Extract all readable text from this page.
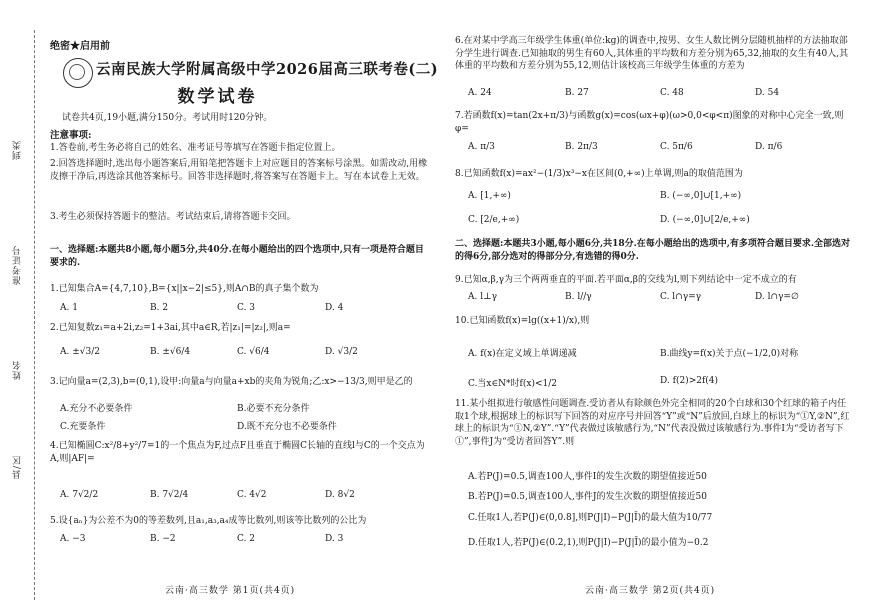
到类
准考证号
姓名
县/区
绝密★启用前
云南民族大学附属高级中学2026届高三联考卷(二)
数学试卷
试卷共4页,19小题,满分150分。考试用时120分钟。
注意事项:
1.答卷前,考生务必将自己的姓名、准考证号等填写在答题卡指定位置上。
2.回答选择题时,选出每小题答案后,用铅笔把答题卡上对应题目的答案标号涂黑。如需改动,用橡皮擦干净后,再选涂其他答案标号。回答非选择题时,将答案写在答题卡上。写在本试卷上无效。
3.考生必须保持答题卡的整洁。考试结束后,请将答题卡交回。
一、选择题:本题共8小题,每小题5分,共40分.在每小题给出的四个选项中,只有一项是符合题目要求的.
1.已知集合A={4,7,10},B={x||x−2|≤5},则A∩B的真子集个数为
A. 1	B. 2	C. 3	D. 4
2.已知复数z₁=a+2i,z₂=1+3ai,其中a∈R,若|z₁|=|z₂|,则a=
A. ±√3/2	B. ±√6/4	C. √6/4	D. √3/2
3.记向量a=(2,3),b=(0,1),设甲:向量a与向量a+xb的夹角为锐角;乙:x>−13/3,则甲是乙的
A.充分不必要条件	B.必要不充分条件
C.充要条件	D.既不充分也不必要条件
4.已知椭圆C:x²/8+y²/7=1的一个焦点为F,过点F且垂直于椭圆C长轴的直线l与C的一个交点为A,则|AF|=
A. 7√2/2	B. 7√2/4	C. 4√2	D. 8√2
5.设{aₙ}为公差不为0的等差数列,且a₁,a₃,a₄成等比数列,则该等比数列的公比为
A. −3	B. −2	C. 2	D. 3
云南·高三数学 第1页(共4页)
6.在对某中学高三年级学生体重(单位:kg)的调查中,按男、女生人数比例分层随机抽样的方法抽取部分学生进行调查.已知抽取的男生有60人,其体重的平均数和方差分别为65,32,抽取的女生有40人,其体重的平均数和方差分别为55,12,则估计该校高三年级学生体重的方差为
A. 24	B. 27	C. 48	D. 54
7.若函数f(x)=tan(2x+π/3)与函数g(x)=cos(ωx+φ)(ω>0,0<φ<π)图象的对称中心完全一致,则φ=
A. π/3	B. 2π/3	C. 5π/6	D. π/6
8.已知函数f(x)=ax²−(1/3)x³−x在区间(0,+∞)上单调,则a的取值范围为
A. [1,+∞)	B. (−∞,0]∪[1,+∞)
C. [2/e,+∞)	D. (−∞,0]∪[2/e,+∞)
二、选择题:本题共3小题,每小题6分,共18分.在每小题给出的选项中,有多项符合题目要求.全部选对的得6分,部分选对的得部分分,有选错的得0分.
9.已知α,β,γ为三个两两垂直的平面.若平面α,β的交线为l,则下列结论中一定不成立的有
A. l⊥γ	B. l//γ	C. l∩γ=γ	D. l∩γ=∅
10.已知函数f(x)=lg((x+1)/x),则
A. f(x)在定义域上单调递减	B.曲线y=f(x)关于点(−1/2,0)对称
C.当x∈N*时f(x)<1/2	D. f(2)>2f(4)
11.某小组拟进行敏感性问题调查.受访者从有除颜色外完全相同的20个白球和30个红球的箱子内任取1个球,根据球上的标识写下回答的对应序号并回答“Y”或“N”后放回,白球上的标识为“①Y,②N”,红球上的标识为“①N,②Y”.“Y”代表做过该敏感行为,“N”代表没做过该敏感行为.事件I为“受访者写下①”,事件J为“受访者回答Y”.则
A.若P(J)=0.5,调查100人,事件I的发生次数的期望值接近50
B.若P(J)=0.5,调查100人,事件J的发生次数的期望值接近50
C.任取1人,若P(J)∈(0,0.8],则P(J|I)−P(J|Ī)的最大值为10/77
D.任取1人,若P(J)∈(0.2,1),则P(J|I)−P(J|Ī)的最小值为−0.2
云南·高三数学 第2页(共4页)
